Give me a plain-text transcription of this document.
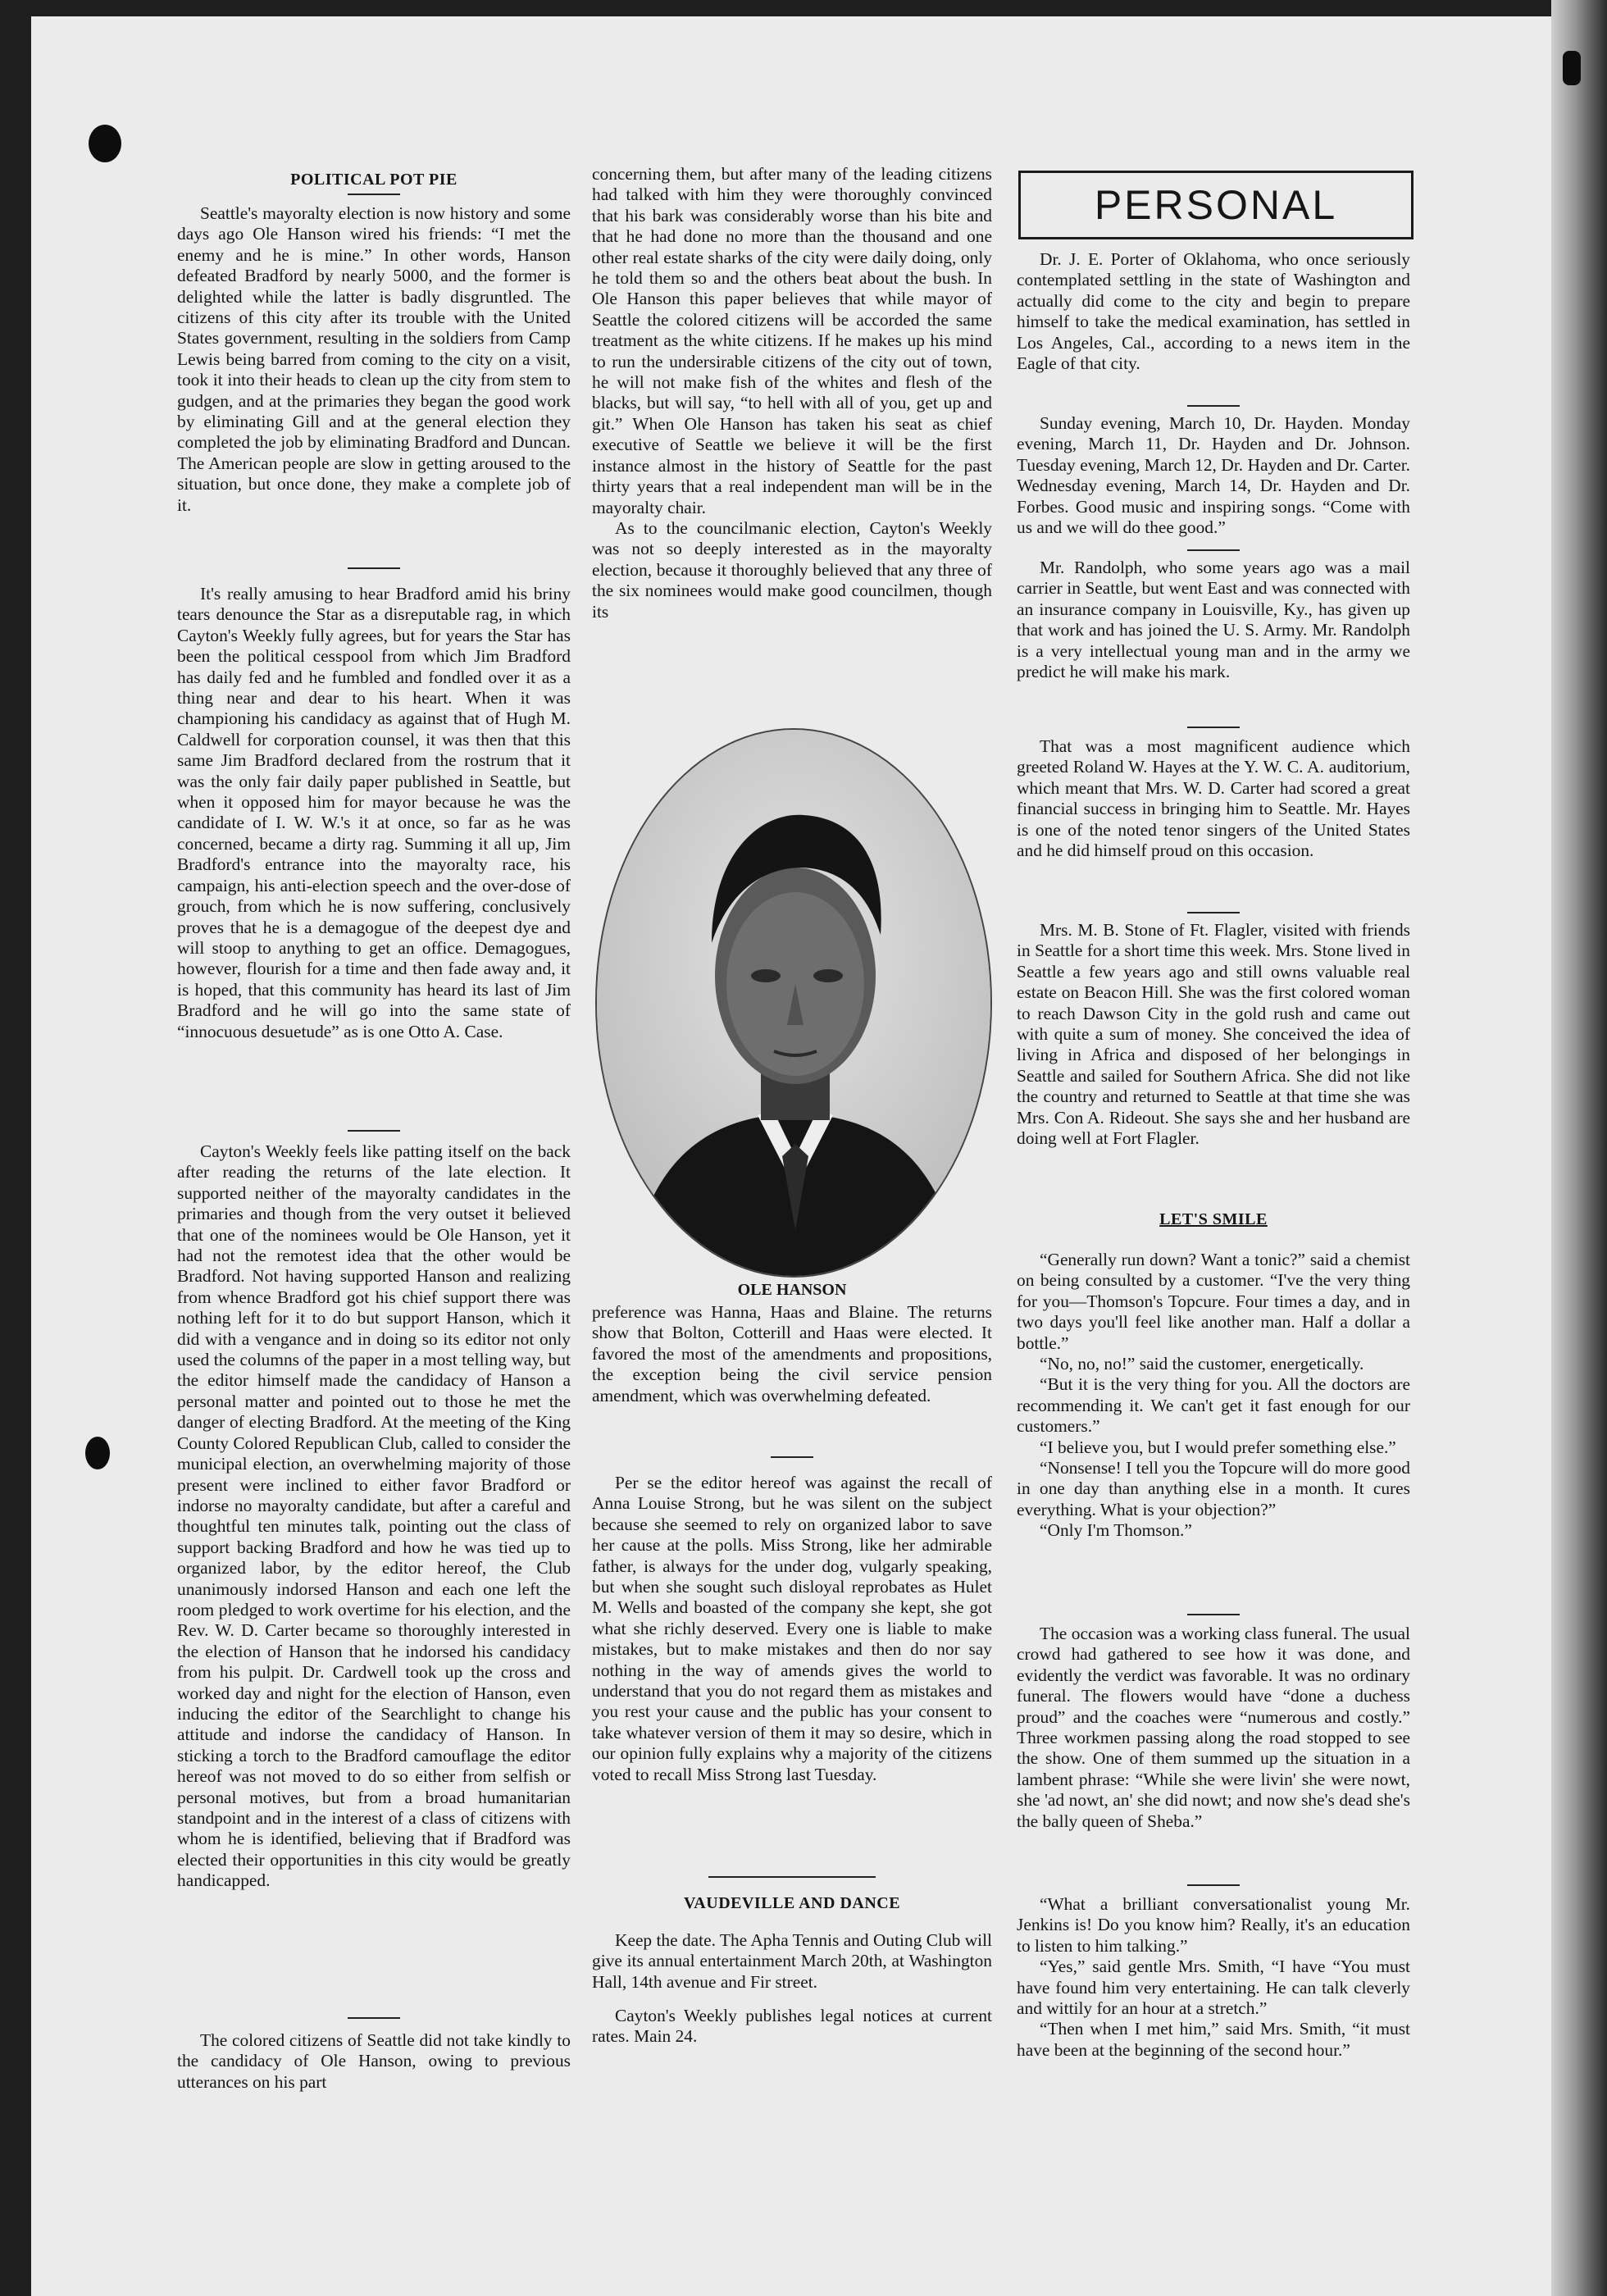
POLITICAL POT PIE

Seattle's mayoralty election is now history and some days ago Ole Hanson wired his friends: “I met the enemy and he is mine.” In other words, Hanson defeated Bradford by nearly 5000, and the former is delighted while the latter is badly disgruntled. The citizens of this city after its trouble with the United States government, resulting in the soldiers from Camp Lewis being barred from coming to the city on a visit, took it into their heads to clean up the city from stem to gudgen, and at the primaries they began the good work by eliminating Gill and at the general election they completed the job by eliminating Bradford and Duncan. The American people are slow in getting aroused to the situation, but once done, they make a complete job of it.

It's really amusing to hear Bradford amid his briny tears denounce the Star as a disreputable rag, in which Cayton's Weekly fully agrees, but for years the Star has been the political cesspool from which Jim Bradford has daily fed and he fumbled and fondled over it as a thing near and dear to his heart. When it was championing his candidacy as against that of Hugh M. Caldwell for corporation counsel, it was then that this same Jim Bradford declared from the rostrum that it was the only fair daily paper published in Seattle, but when it opposed him for mayor because he was the candidate of I. W. W.'s it at once, so far as he was concerned, became a dirty rag. Summing it all up, Jim Bradford's entrance into the mayoralty race, his campaign, his anti-election speech and the over-dose of grouch, from which he is now suffering, conclusively proves that he is a demagogue of the deepest dye and will stoop to anything to get an office. Demagogues, however, flourish for a time and then fade away and, it is hoped, that this community has heard its last of Jim Bradford and he will go into the same state of “innocuous desuetude” as is one Otto A. Case.

Cayton's Weekly feels like patting itself on the back after reading the returns of the late election. It supported neither of the mayoralty candidates in the primaries and though from the very outset it believed that one of the nominees would be Ole Hanson, yet it had not the remotest idea that the other would be Bradford. Not having supported Hanson and realizing from whence Bradford got his chief support there was nothing left for it to do but support Hanson, which it did with a vengance and in doing so its editor not only used the columns of the paper in a most telling way, but the editor himself made the candidacy of Hanson a personal matter and pointed out to those he met the danger of electing Bradford. At the meeting of the King County Colored Republican Club, called to consider the municipal election, an overwhelming majority of those present were inclined to either favor Bradford or indorse no mayoralty candidate, but after a careful and thoughtful ten minutes talk, pointing out the class of support backing Bradford and how he was tied up to organized labor, by the editor hereof, the Club unanimously indorsed Hanson and each one left the room pledged to work overtime for his election, and the Rev. W. D. Carter became so thoroughly interested in the election of Hanson that he indorsed his candidacy from his pulpit. Dr. Cardwell took up the cross and worked day and night for the election of Hanson, even inducing the editor of the Searchlight to change his attitude and indorse the candidacy of Hanson. In sticking a torch to the Bradford camouflage the editor hereof was not moved to do so either from selfish or personal motives, but from a broad humanitarian standpoint and in the interest of a class of citizens with whom he is identified, believing that if Bradford was elected their opportunities in this city would be greatly handicapped.

The colored citizens of Seattle did not take kindly to the candidacy of Ole Hanson, owing to previous utterances on his part

concerning them, but after many of the leading citizens had talked with him they were thoroughly convinced that his bark was considerably worse than his bite and that he had done no more than the thousand and one other real estate sharks of the city were daily doing, only he told them so and the others beat about the bush. In Ole Hanson this paper believes that while mayor of Seattle the colored citizens will be accorded the same treatment as the white citizens. If he makes up his mind to run the undersirable citizens of the city out of town, he will not make fish of the whites and flesh of the blacks, but will say, “to hell with all of you, get up and git.” When Ole Hanson has taken his seat as chief executive of Seattle we believe it will be the first instance almost in the history of Seattle for the past thirty years that a real independent man will be in the mayoralty chair.

As to the councilmanic election, Cayton's Weekly was not so deeply interested as in the mayoralty election, because it thoroughly believed that any three of the six nominees would make good councilmen, though its

OLE HANSON

preference was Hanna, Haas and Blaine. The returns show that Bolton, Cotterill and Haas were elected. It favored the most of the amendments and propositions, the exception being the civil service pension amendment, which was overwhelming defeated.

Per se the editor hereof was against the recall of Anna Louise Strong, but he was silent on the subject because she seemed to rely on organized labor to save her cause at the polls. Miss Strong, like her admirable father, is always for the under dog, vulgarly speaking, but when she sought such disloyal reprobates as Hulet M. Wells and boasted of the company she kept, she got what she richly deserved. Every one is liable to make mistakes, but to make mistakes and then do nor say nothing in the way of amends gives the world to understand that you do not regard them as mistakes and you rest your cause and the public has your consent to take whatever version of them it may so desire, which in our opinion fully explains why a majority of the citizens voted to recall Miss Strong last Tuesday.

VAUDEVILLE AND DANCE

Keep the date. The Apha Tennis and Outing Club will give its annual entertainment March 20th, at Washington Hall, 14th avenue and Fir street.

Cayton's Weekly publishes legal notices at current rates. Main 24.

PERSONAL

Dr. J. E. Porter of Oklahoma, who once seriously contemplated settling in the state of Washington and actually did come to the city and begin to prepare himself to take the medical examination, has settled in Los Angeles, Cal., according to a news item in the Eagle of that city.

Sunday evening, March 10, Dr. Hayden. Monday evening, March 11, Dr. Hayden and Dr. Johnson. Tuesday evening, March 12, Dr. Hayden and Dr. Carter. Wednesday evening, March 14, Dr. Hayden and Dr. Forbes. Good music and inspiring songs. “Come with us and we will do thee good.”

Mr. Randolph, who some years ago was a mail carrier in Seattle, but went East and was connected with an insurance company in Louisville, Ky., has given up that work and has joined the U. S. Army. Mr. Randolph is a very intellectual young man and in the army we predict he will make his mark.

That was a most magnificent audience which greeted Roland W. Hayes at the Y. W. C. A. auditorium, which meant that Mrs. W. D. Carter had scored a great financial success in bringing him to Seattle. Mr. Hayes is one of the noted tenor singers of the United States and he did himself proud on this occasion.

Mrs. M. B. Stone of Ft. Flagler, visited with friends in Seattle for a short time this week. Mrs. Stone lived in Seattle a few years ago and still owns valuable real estate on Beacon Hill. She was the first colored woman to reach Dawson City in the gold rush and came out with quite a sum of money. She conceived the idea of living in Africa and disposed of her belongings in Seattle and sailed for Southern Africa. She did not like the country and returned to Seattle at that time she was Mrs. Con A. Rideout. She says she and her husband are doing well at Fort Flagler.

LET'S SMILE

“Generally run down? Want a tonic?” said a chemist on being consulted by a customer. “I've the very thing for you—Thomson's Topcure. Four times a day, and in two days you'll feel like another man. Half a dollar a bottle.”

“No, no, no!” said the customer, energetically.

“But it is the very thing for you. All the doctors are recommending it. We can't get it fast enough for our customers.”

“I believe you, but I would prefer something else.”

“Nonsense! I tell you the Topcure will do more good in one day than anything else in a month. It cures everything. What is your objection?”

“Only I'm Thomson.”

The occasion was a working class funeral. The usual crowd had gathered to see how it was done, and evidently the verdict was favorable. It was no ordinary funeral. The flowers would have “done a duchess proud” and the coaches were “numerous and costly.” Three workmen passing along the road stopped to see the show. One of them summed up the situation in a lambent phrase: “While she were livin' she were nowt, she 'ad nowt, an' she did nowt; and now she's dead she's the bally queen of Sheba.”

“What a brilliant conversationalist young Mr. Jenkins is! Do you know him? Really, it's an education to listen to him talking.”

“Yes,” said gentle Mrs. Smith, “I have “You must have found him very entertaining. He can talk cleverly and wittily for an hour at a stretch.”

“Then when I met him,” said Mrs. Smith, “it must have been at the beginning of the second hour.”
